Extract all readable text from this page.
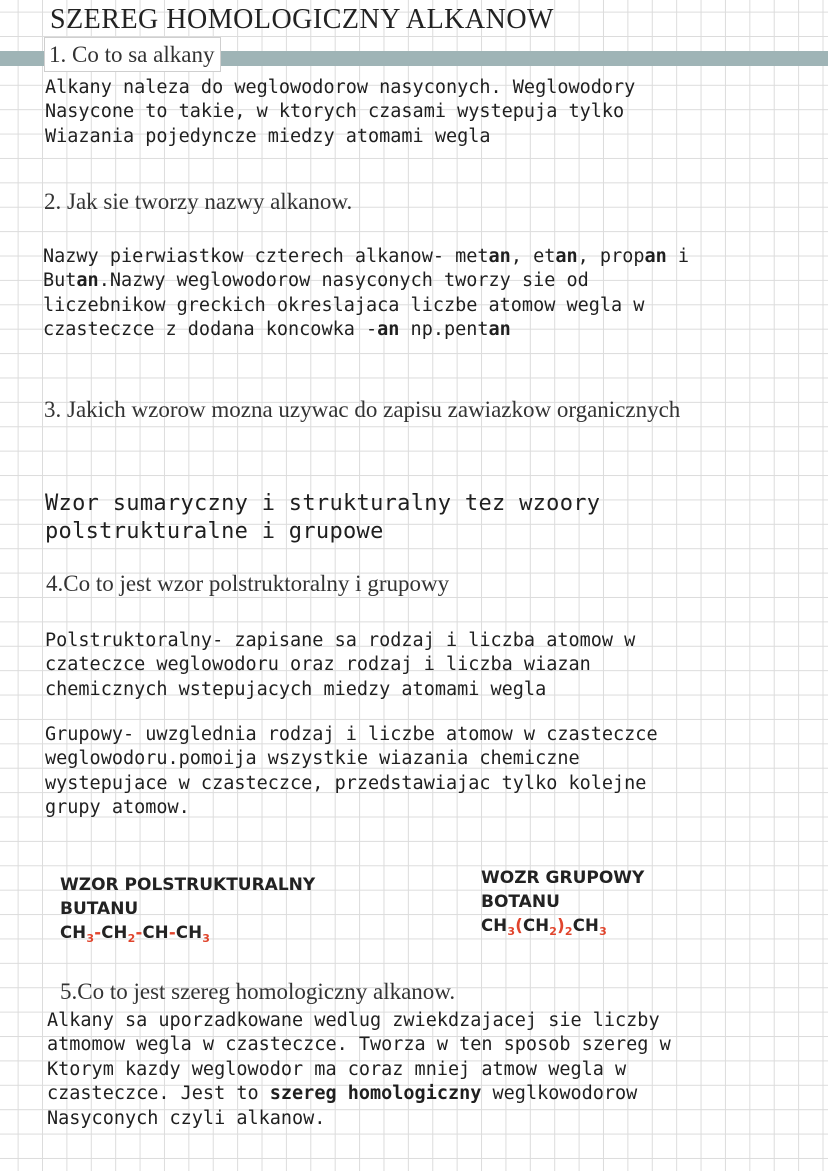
SZEREG HOMOLOGICZNY ALKANOW
1. Co to sa alkany
Alkany naleza do weglowodorow nasyconych. Weglowodory
Nasycone to takie, w ktorych czasami wystepuja tylko
Wiazania pojedyncze miedzy atomami wegla
2. Jak sie tworzy nazwy alkanow.
Nazwy pierwiastkow czterech alkanow- metan, etan, propan i
Butan.Nazwy weglowodorow nasyconych tworzy sie od
liczebnikow greckich okreslajaca liczbe atomow wegla w
czasteczce z dodana koncowka -an np.pentan
3. Jakich wzorow mozna uzywac do zapisu zawiazkow organicznych
Wzor sumaryczny i strukturalny tez wzoory
polstrukturalne i grupowe
4.Co to jest wzor polstruktoralny i grupowy
Polstruktoralny- zapisane sa rodzaj i liczba atomow w
czateczce weglowodoru oraz rodzaj i liczba wiazan
chemicznych wstepujacych miedzy atomami wegla
Grupowy- uwzglednia rodzaj i liczbe atomow w czasteczce
weglowodoru.pomoija wszystkie wiazania chemiczne
wystepujace w czasteczce, przedstawiajac tylko kolejne
grupy atomow.
WZOR POLSTRUKTURALNY
BUTANU
$CH_3-CH_2-CH-CH_3$
WOZR GRUPOWY
BOTANU
$CH_3(CH_2)_2CH_3$
5.Co to jest szereg homologiczny alkanow.
Alkany sa uporzadkowane wedlug zwiekdzajacej sie liczby
atmomow wegla w czasteczce. Tworza w ten sposob szereg w
Ktorym kazdy weglowodor ma coraz mniej atmow wegla w
czasteczce. Jest to szereg homologiczny weglkowodorow
Nasyconych czyli alkanow.
